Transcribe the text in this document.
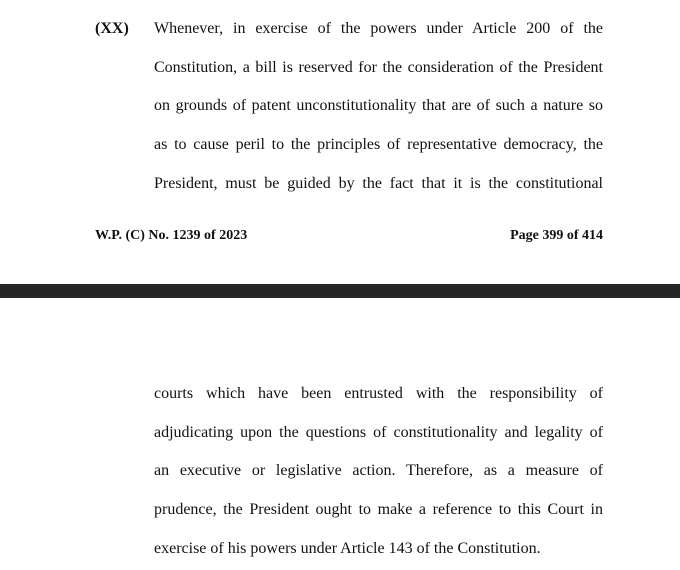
(XX) Whenever, in exercise of the powers under Article 200 of the
Constitution, a bill is reserved for the consideration of the President
on grounds of patent unconstitutionality that are of such a nature so
as to cause peril to the principles of representative democracy, the
President, must be guided by the fact that it is the constitutional
W.P. (C) No. 1239 of 2023	Page 399 of 414
courts which have been entrusted with the responsibility of
adjudicating upon the questions of constitutionality and legality of
an executive or legislative action. Therefore, as a measure of
prudence, the President ought to make a reference to this Court in
exercise of his powers under Article 143 of the Constitution.
